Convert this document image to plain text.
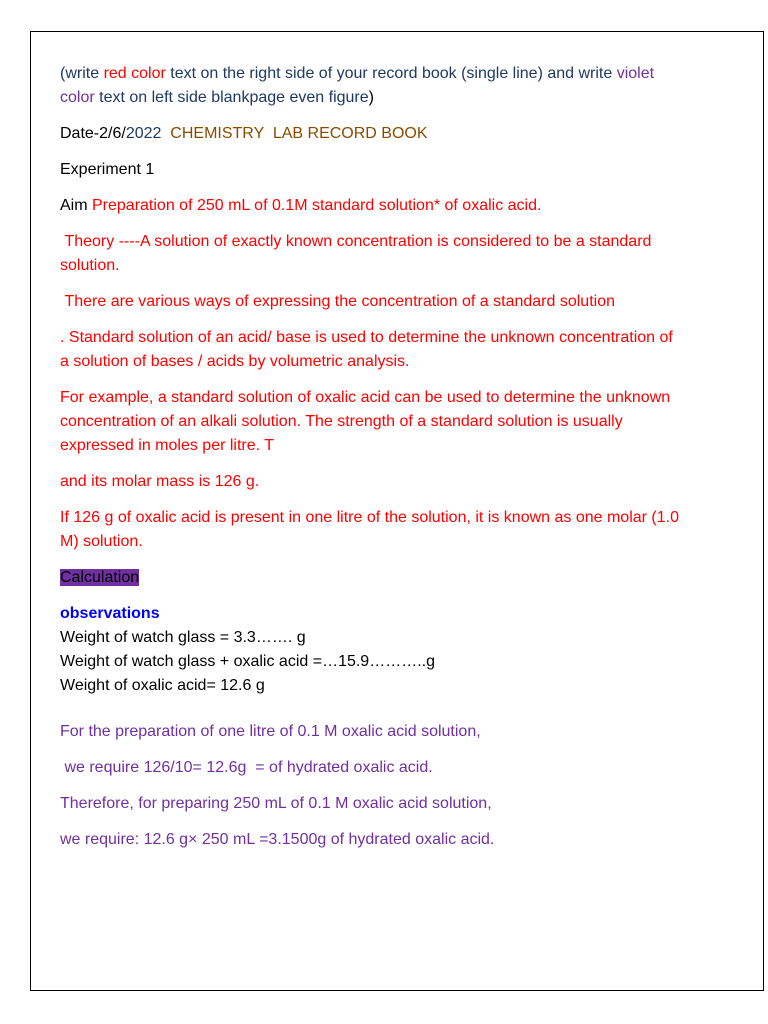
(write red color text on the right side of your record book (single line) and write violet color text on left side blankpage even figure)

Date-2/6/2022  CHEMISTRY  LAB RECORD BOOK

Experiment 1

Aim Preparation of 250 mL of 0.1M standard solution* of oxalic acid.

Theory ----A solution of exactly known concentration is considered to be a standard solution.

There are various ways of expressing the concentration of a standard solution

. Standard solution of an acid/ base is used to determine the unknown concentration of a solution of bases / acids by volumetric analysis.

For example, a standard solution of oxalic acid can be used to determine the unknown concentration of an alkali solution. The strength of a standard solution is usually expressed in moles per litre. T

and its molar mass is 126 g.

If 126 g of oxalic acid is present in one litre of the solution, it is known as one molar (1.0 M) solution.

Calculation

observations

Weight of watch glass = 3.3……. g

Weight of watch glass + oxalic acid =…15.9………..g

Weight of oxalic acid= 12.6 g

For the preparation of one litre of 0.1 M oxalic acid solution,

we require 126/10= 12.6g  = of hydrated oxalic acid.

Therefore, for preparing 250 mL of 0.1 M oxalic acid solution,

we require: 12.6 g× 250 mL =3.1500g of hydrated oxalic acid.
